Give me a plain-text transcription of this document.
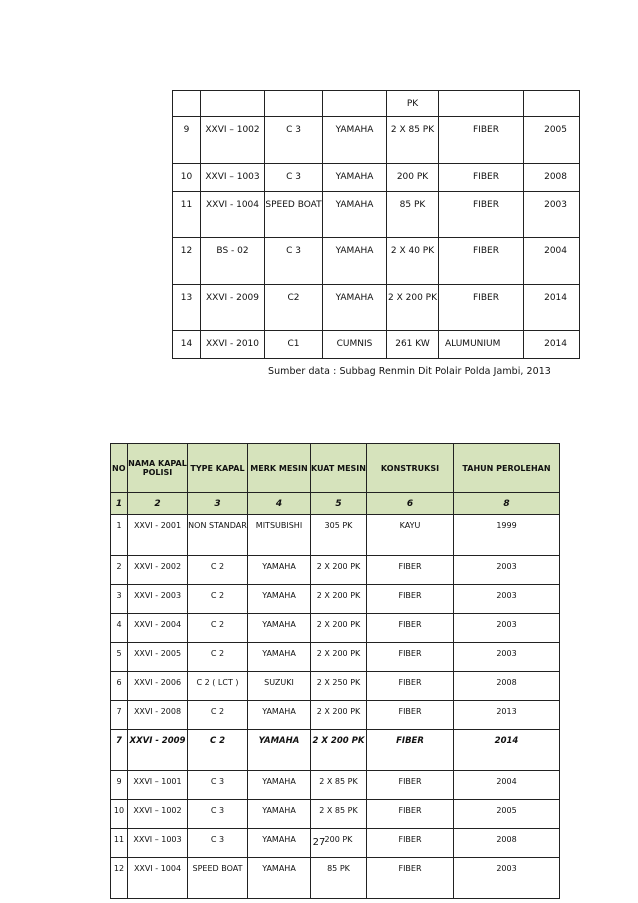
				PK		
9	XXVI – 1002	C 3	YAMAHA	2 X 85 PK	FIBER	2005
10	XXVI – 1003	C 3	YAMAHA	200 PK	FIBER	2008
11	XXVI - 1004	SPEED BOAT	YAMAHA	85 PK	FIBER	2003
12	BS - 02	C 3	YAMAHA	2 X 40 PK	FIBER	2004
13	XXVI - 2009	C2	YAMAHA	2 X 200 PK	FIBER	2014
14	XXVI - 2010	C1	CUMNIS	261 KW	ALUMUNIUM	2014
Sumber data : Subbag Renmin Dit Polair Polda Jambi, 2013
NO	NAMA KAPAL POLISI	TYPE KAPAL	MERK MESIN	KUAT MESIN	KONSTRUKSI	TAHUN PEROLEHAN
1	2	3	4	5	6	8
1	XXVI - 2001	NON STANDAR	MITSUBISHI	305 PK	KAYU	1999
2	XXVI - 2002	C 2	YAMAHA	2 X 200 PK	FIBER	2003
3	XXVI - 2003	C 2	YAMAHA	2 X 200 PK	FIBER	2003
4	XXVI - 2004	C 2	YAMAHA	2 X 200 PK	FIBER	2003
5	XXVI - 2005	C 2	YAMAHA	2 X 200 PK	FIBER	2003
6	XXVI - 2006	C 2 ( LCT )	SUZUKI	2 X 250 PK	FIBER	2008
7	XXVI - 2008	C 2	YAMAHA	2 X 200 PK	FIBER	2013
7	XXVI - 2009	C 2	YAMAHA	2 X 200 PK	FIBER	2014
9	XXVI – 1001	C 3	YAMAHA	2 X 85 PK	FIBER	2004
10	XXVI – 1002	C 3	YAMAHA	2 X 85 PK	FIBER	2005
11	XXVI – 1003	C 3	YAMAHA	200 PK	FIBER	2008
12	XXVI - 1004	SPEED BOAT	YAMAHA	85 PK	FIBER	2003
27
